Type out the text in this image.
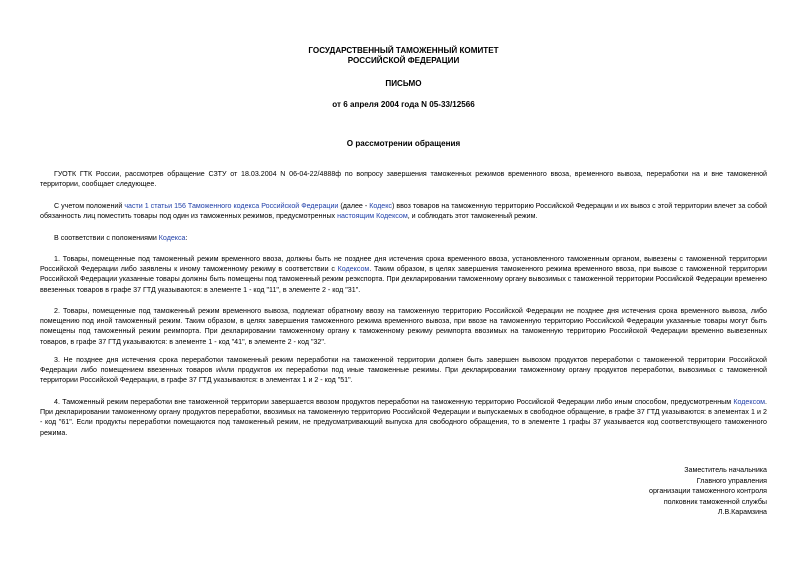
ГОСУДАРСТВЕННЫЙ ТАМОЖЕННЫЙ КОМИТЕТ
РОССИЙСКОЙ ФЕДЕРАЦИИ
ПИСЬМО
от 6 апреля 2004 года N 05-33/12566
О рассмотрении обращения
ГУОТК ГТК России, рассмотрев обращение СЗТУ от 18.03.2004 N 06-04-22/4888ф по вопросу завершения таможенных режимов временного ввоза, временного вывоза, переработки на и вне таможенной территории, сообщает следующее.
С учетом положений части 1 статьи 156 Таможенного кодекса Российской Федерации (далее - Кодекс) ввоз товаров на таможенную территорию Российской Федерации и их вывоз с этой территории влечет за собой обязанность лиц поместить товары под один из таможенных режимов, предусмотренных настоящим Кодексом, и соблюдать этот таможенный режим.
В соответствии с положениями Кодекса:
1. Товары, помещенные под таможенный режим временного ввоза, должны быть не позднее дня истечения срока временного ввоза, установленного таможенным органом, вывезены с таможенной территории Российской Федерации либо заявлены к иному таможенному режиму в соответствии с Кодексом. Таким образом, в целях завершения таможенного режима временного ввоза, при вывозе с таможенной территории Российской Федерации указанные товары должны быть помещены под таможенный режим реэкспорта. При декларировании таможенному органу вывозимых с таможенной территории Российской Федерации временно ввезенных товаров в графе 37 ГТД указываются: в элементе 1 - код "11", в элементе 2 - код "31".
2. Товары, помещенные под таможенный режим временного вывоза, подлежат обратному ввозу на таможенную территорию Российской Федерации не позднее дня истечения срока временного вывоза, либо помещению под иной таможенный режим. Таким образом, в целях завершения таможенного режима временного вывоза, при ввозе на таможенную территорию Российской Федерации указанные товары могут быть помещены под таможенный режим реимпорта. При декларировании таможенному органу к таможенному режиму реимпорта ввозимых на таможенную территорию Российской Федерации временно вывезенных товаров, в графе 37 ГТД указываются: в элементе 1 - код "41", в элементе 2 - код "32".
3. Не позднее дня истечения срока переработки таможенный режим переработки на таможенной территории должен быть завершен вывозом продуктов переработки с таможенной территории Российской Федерации либо помещением ввезенных товаров и/или продуктов их переработки под иные таможенные режимы. При декларировании таможенному органу продуктов переработки, вывозимых с таможенной территории Российской Федерации, в графе 37 ГТД указываются: в элементах 1 и 2 - код "51".
4. Таможенный режим переработки вне таможенной территории завершается ввозом продуктов переработки на таможенную территорию Российской Федерации либо иным способом, предусмотренным Кодексом. При декларировании таможенному органу продуктов переработки, ввозимых на таможенную территорию Российской Федерации и выпускаемых в свободное обращение, в графе 37 ГТД указываются: в элементах 1 и 2 - код "61". Если продукты переработки помещаются под таможенный режим, не предусматривающий выпуска для свободного обращения, то в элементе 1 графы 37 указывается код соответствующего таможенного режима.
Заместитель начальника
Главного управления
организации таможенного контроля
полковник таможенной службы
Л.В.Карамзина
